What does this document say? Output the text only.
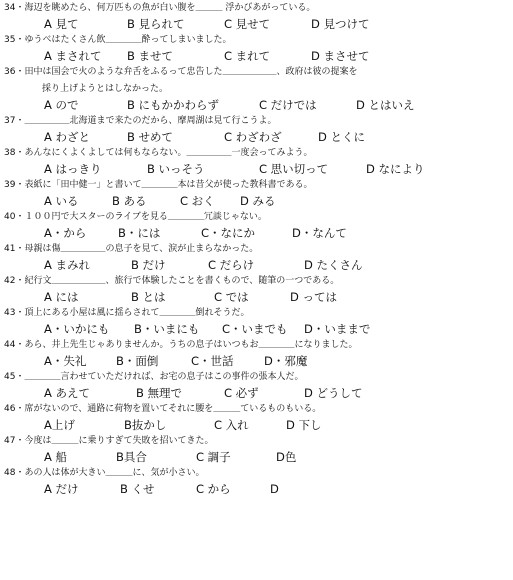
34・海辺を眺めたら、何万匹もの魚が白い腹を＿＿＿ 浮かびあがっている。
A 見て	B 見られて	C 見せて	D 見つけて
35・ゆうべはたくさん飲＿＿＿＿酔ってしまいました。
A まされて B ませて	C まれて	D まさせて
36・田中は国会で火のような弁舌をふるって忠告した＿＿＿＿＿＿、政府は彼の提案を
採り上げようとはしなかった。
A ので	B にもかかわらず	C だけでは	D とはいえ
37・＿＿＿＿＿北海道まで来たのだから、摩周湖は見て行こうよ。
A わざと	B せめて	C わざわざ	D とくに
38・あんなにくよくよしては何もならない。＿＿＿＿＿一度会ってみよう。
A はっきり	B いっそう	C 思い切って	D なにより
39・表紙に「田中健一」と書いて＿＿＿＿本は昔父が使った教科書である。
A いる	B ある	C おく D みる
40・１００円で大スターのライブを見る＿＿＿＿冗談じゃない。
A・から	B・には	C・なにか	D・なんて
41・母親は傷＿＿＿＿＿の息子を見て、涙が止まらなかった。
A まみれ	B だけ	C だらけ	D たくさん
42・紀行文＿＿＿＿＿＿、旅行で体験したことを書くもので、随筆の一つである。
A には	B とは	C では	D っては
43・頂上にある小屋は風に揺らされて＿＿＿＿倒れそうだ。
A・いかにも B・いまにも C・いまでも D・いままで
44・あら、井上先生じゃありませんか。うちの息子はいつもお＿＿＿＿になりました。
A・失礼	B・面倒	C・世話	D・邪魔
45・＿＿＿＿言わせていただければ、お宅の息子はこの事件の張本人だ。
A あえて	B 無理で	C 必ず	D どうして
46・席がないので、通路に荷物を置いてそれに腰を＿＿＿ているものもいる。
A上げ	B抜かし	C 入れ	D 下し
47・今度は＿＿＿に乗りすぎて失敗を招いてきた。
A 船	B具合	C 調子	D色
48・あの人は体が大きい＿＿＿に、気が小さい。
A だけ	B くせ	C から	D
